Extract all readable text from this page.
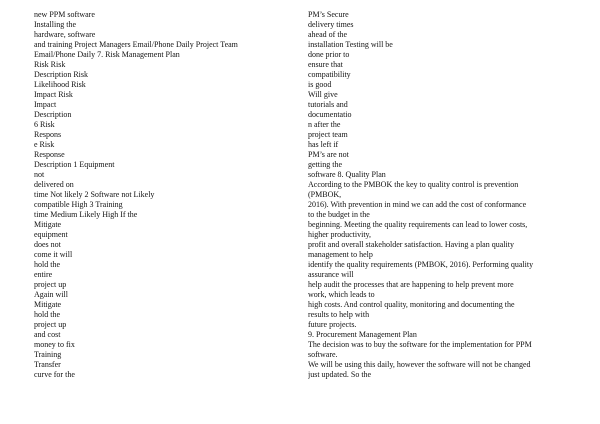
new PPM software
Installing the
hardware, software
and training Project Managers Email/Phone Daily Project Team
Email/Phone Daily 7. Risk Management Plan
Risk Risk
Description Risk
Likelihood Risk
Impact Risk
Impact
Description
6 Risk
Respons
e Risk
Response
Description 1 Equipment
not
delivered on
time Not likely 2 Software not Likely
compatible High 3 Training
time Medium Likely High If the
Mitigate
equipment
does not
come it will
hold the
entire
project up
Again will
Mitigate
hold the
project up
and cost
money to fix
Training
Transfer
curve for the
PM’s Secure
delivery times
ahead of the
installation Testing will be
done prior to
ensure that
compatibility
is good
Will give
tutorials and
documentatio
n after the
project team
has left if
PM’s are not
getting the
software 8. Quality Plan
According to the PMBOK the key to quality control is prevention
(PMBOK,
2016). With prevention in mind we can add the cost of conformance
to the budget in the
beginning. Meeting the quality requirements can lead to lower costs,
higher productivity,
profit and overall stakeholder satisfaction. Having a plan quality
management to help
identify the quality requirements (PMBOK, 2016). Performing quality
assurance will
help audit the processes that are happening to help prevent more
work, which leads to
high costs. And control quality, monitoring and documenting the
results to help with
future projects.
9. Procurement Management Plan
The decision was to buy the software for the implementation for PPM
software.
We will be using this daily, however the software will not be changed
just updated. So the
